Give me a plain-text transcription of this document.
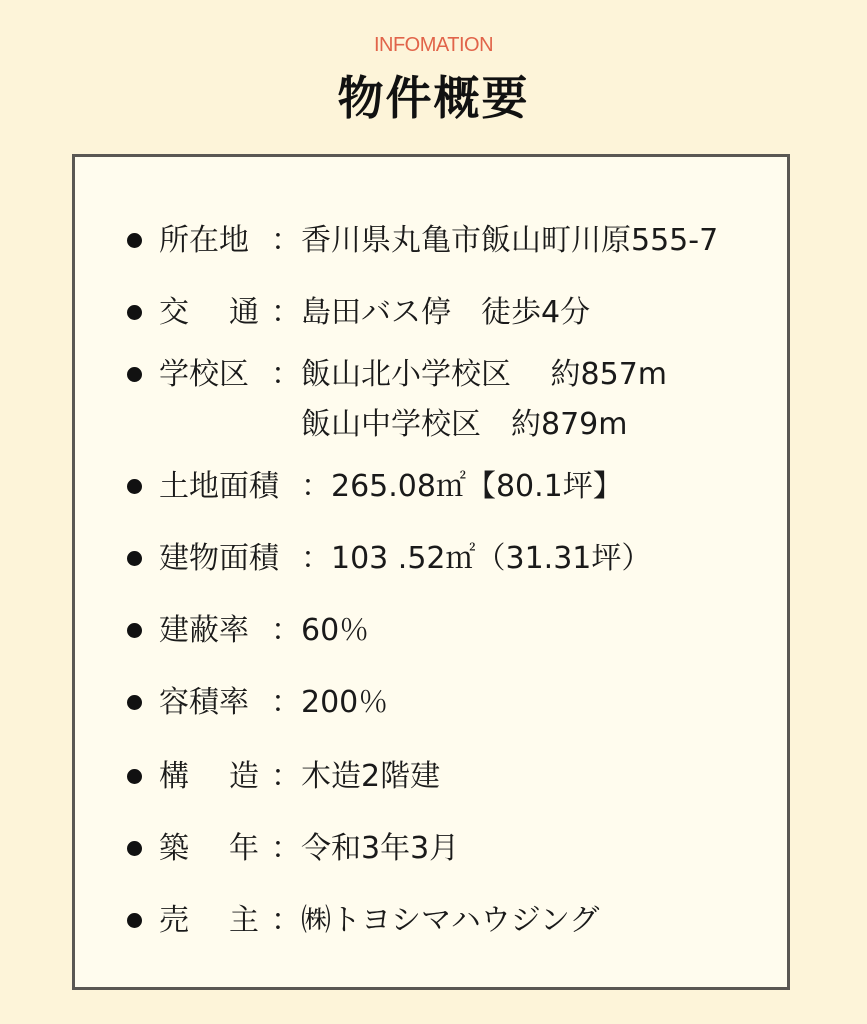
INFOMATION
物件概要
所在地 ： 香川県丸亀市飯山町川原555-7
交 通 ： 島田バス停　徒歩4分
学校区 ： 飯山北小学校区　 約857m
飯山中学校区　約879m
土地面積 ： 265.08㎡【80.1坪】
建物面積 ： 103 .52㎡（31.31坪）
建蔽率 ： 60％
容積率 ： 200％
構 造 ： 木造2階建
築 年 ： 令和3年3月
売 主 ： ㈱トヨシマハウジング
